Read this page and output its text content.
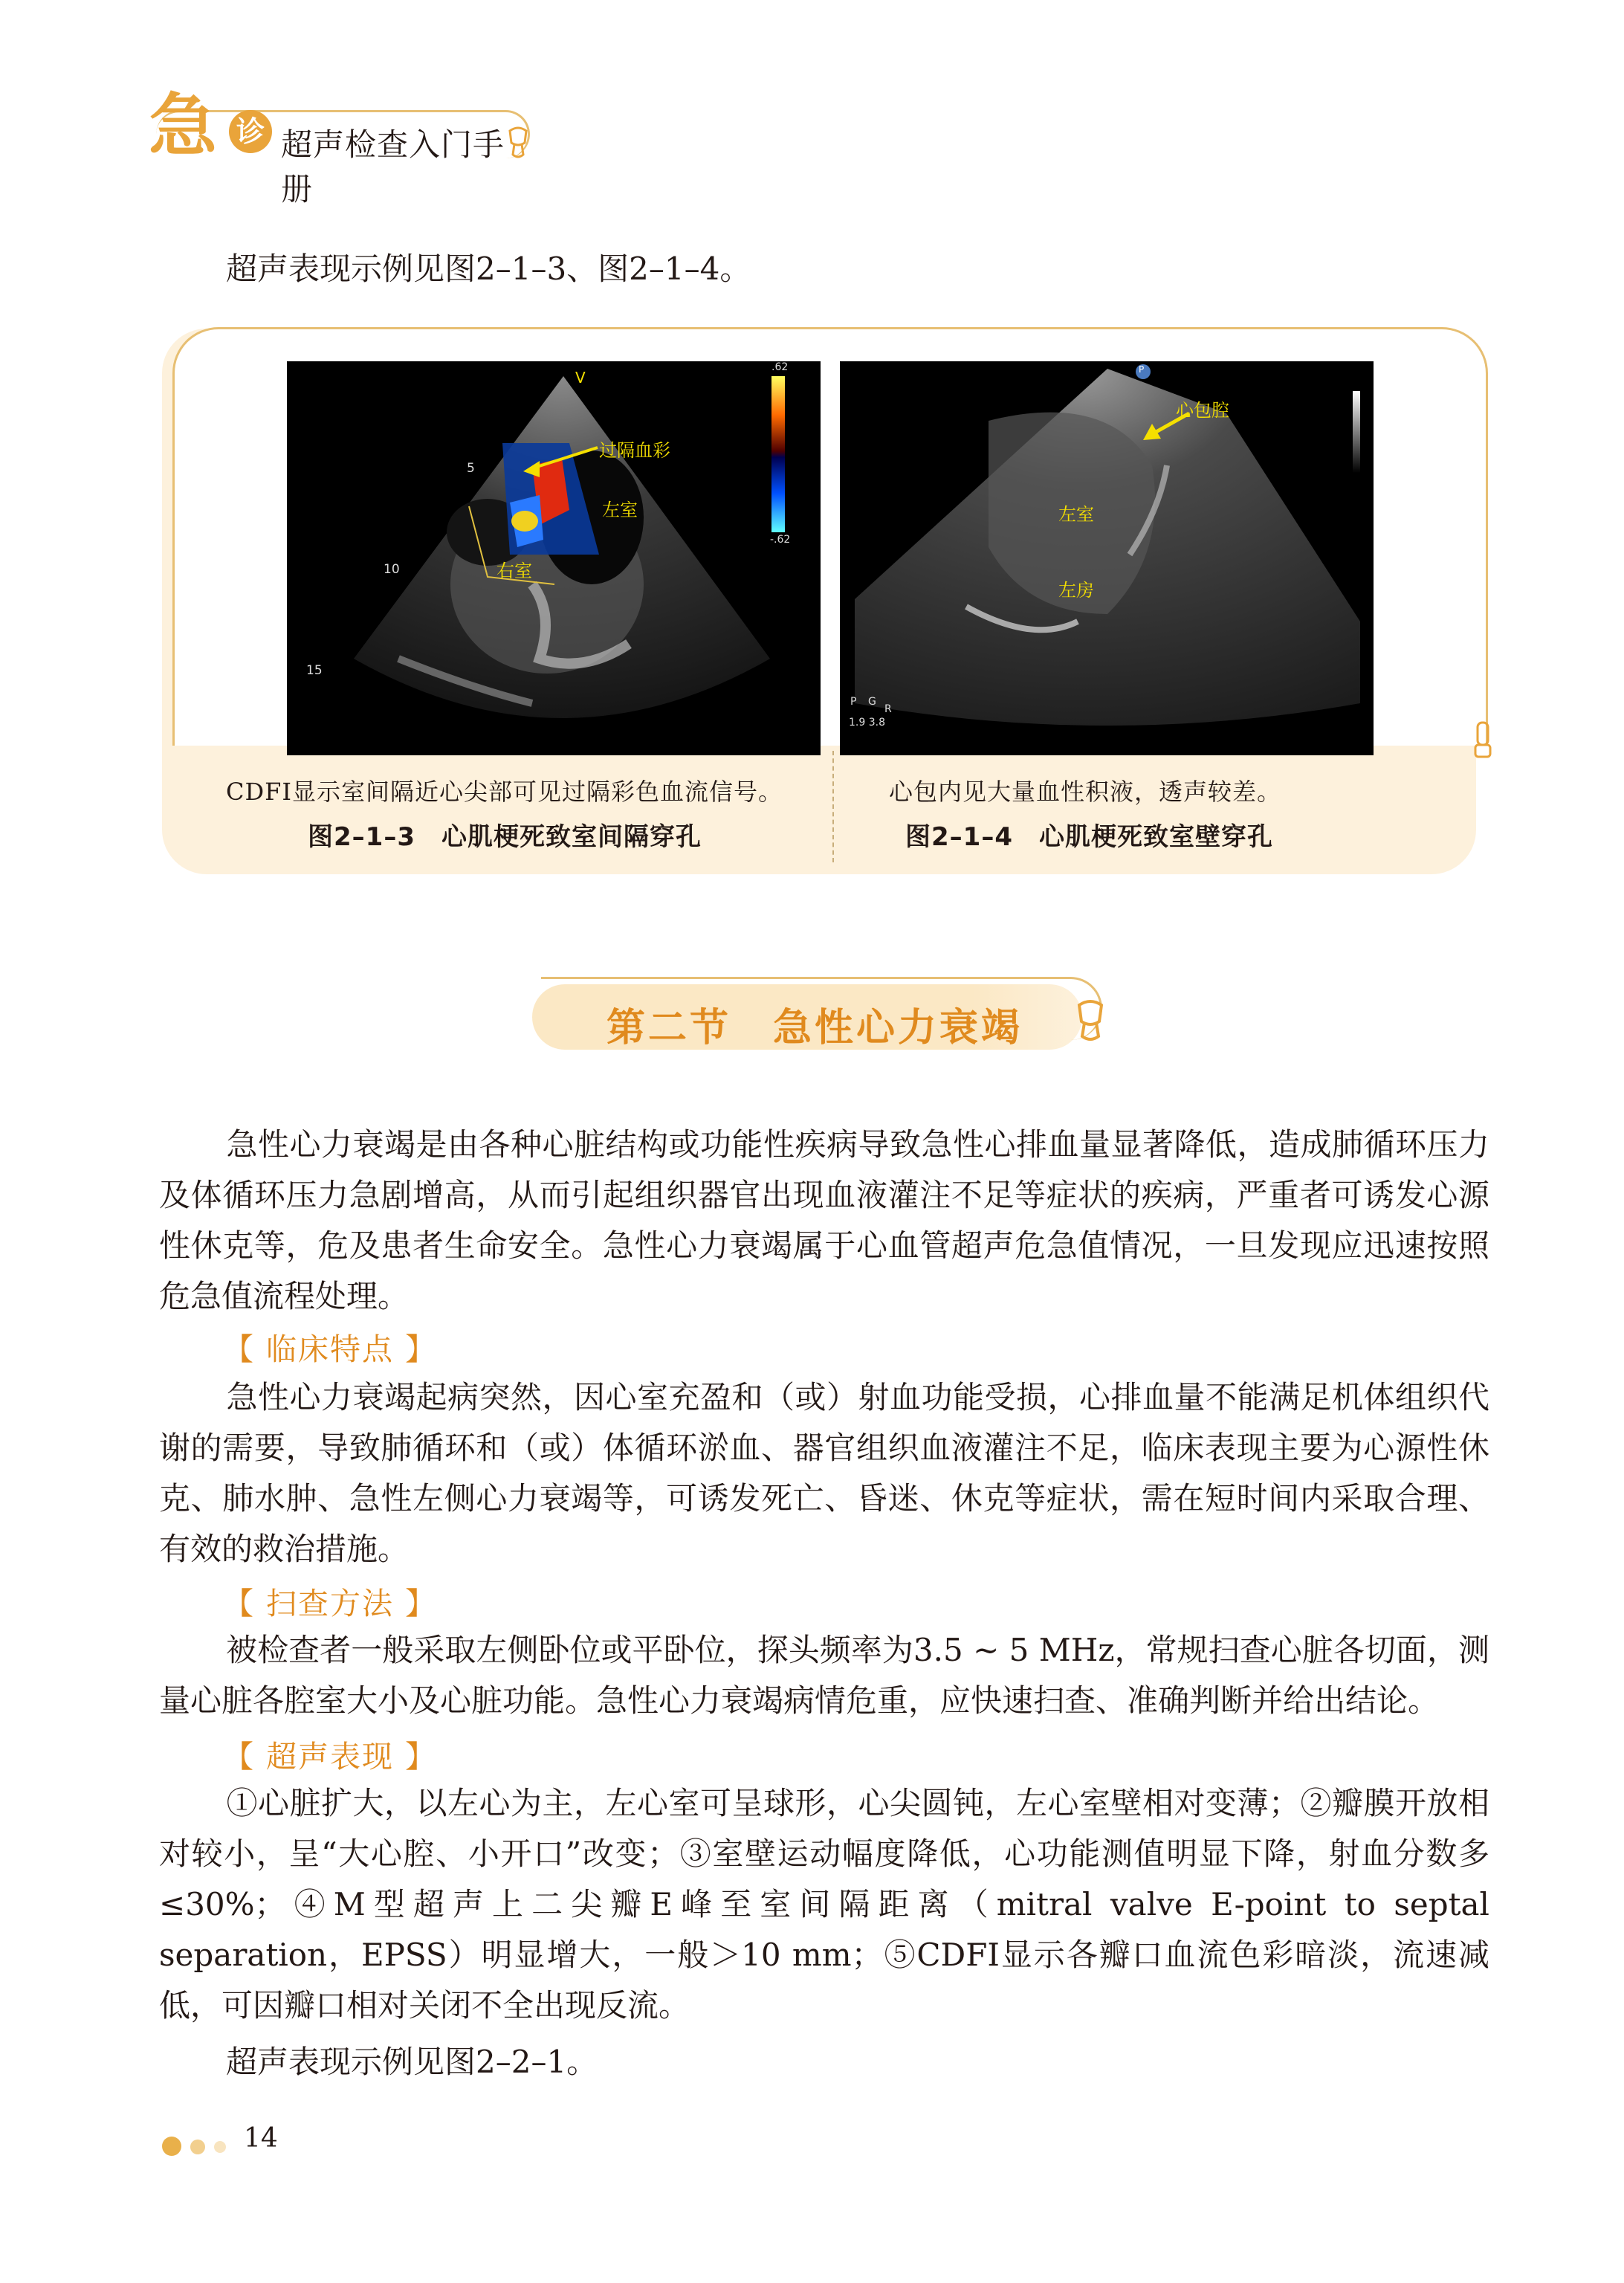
急 诊 超声检查入门手册
超声表现示例见图2–1–3、图2–1–4。
过隔血彩
左室
右室
V
5
10
15
.62
-.62
心包腔
左室
左房
P
P G
R
1.9 3.8
CDFI显示室间隔近心尖部可见过隔彩色血流信号。
图2–1–3　心肌梗死致室间隔穿孔
心包内见大量血性积液，透声较差。
图2–1–4　心肌梗死致室壁穿孔
第二节　急性心力衰竭
急性心力衰竭是由各种心脏结构或功能性疾病导致急性心排血量显著降低，造成肺循环压力及体循环压力急剧增高，从而引起组织器官出现血液灌注不足等症状的疾病，严重者可诱发心源性休克等，危及患者生命安全。急性心力衰竭属于心血管超声危急值情况，一旦发现应迅速按照危急值流程处理。
【 临床特点 】
急性心力衰竭起病突然，因心室充盈和（或）射血功能受损，心排血量不能满足机体组织代谢的需要，导致肺循环和（或）体循环淤血、器官组织血液灌注不足，临床表现主要为心源性休克、肺水肿、急性左侧心力衰竭等，可诱发死亡、昏迷、休克等症状，需在短时间内采取合理、有效的救治措施。
【 扫查方法 】
被检查者一般采取左侧卧位或平卧位，探头频率为3.5 ~ 5 MHz，常规扫查心脏各切面，测量心脏各腔室大小及心脏功能。急性心力衰竭病情危重，应快速扫查、准确判断并给出结论。
【 超声表现 】
①心脏扩大，以左心为主，左心室可呈球形，心尖圆钝，左心室壁相对变薄；②瓣膜开放相对较小，呈“大心腔、小开口”改变；③室壁运动幅度降低，心功能测值明显下降，射血分数多≤30%；④M型超声上二尖瓣E峰至室间隔距离（mitral valve E-point to septal separation，EPSS）明显增大，一般＞10 mm；⑤CDFI显示各瓣口血流色彩暗淡，流速减低，可因瓣口相对关闭不全出现反流。
超声表现示例见图2–2–1。
14
